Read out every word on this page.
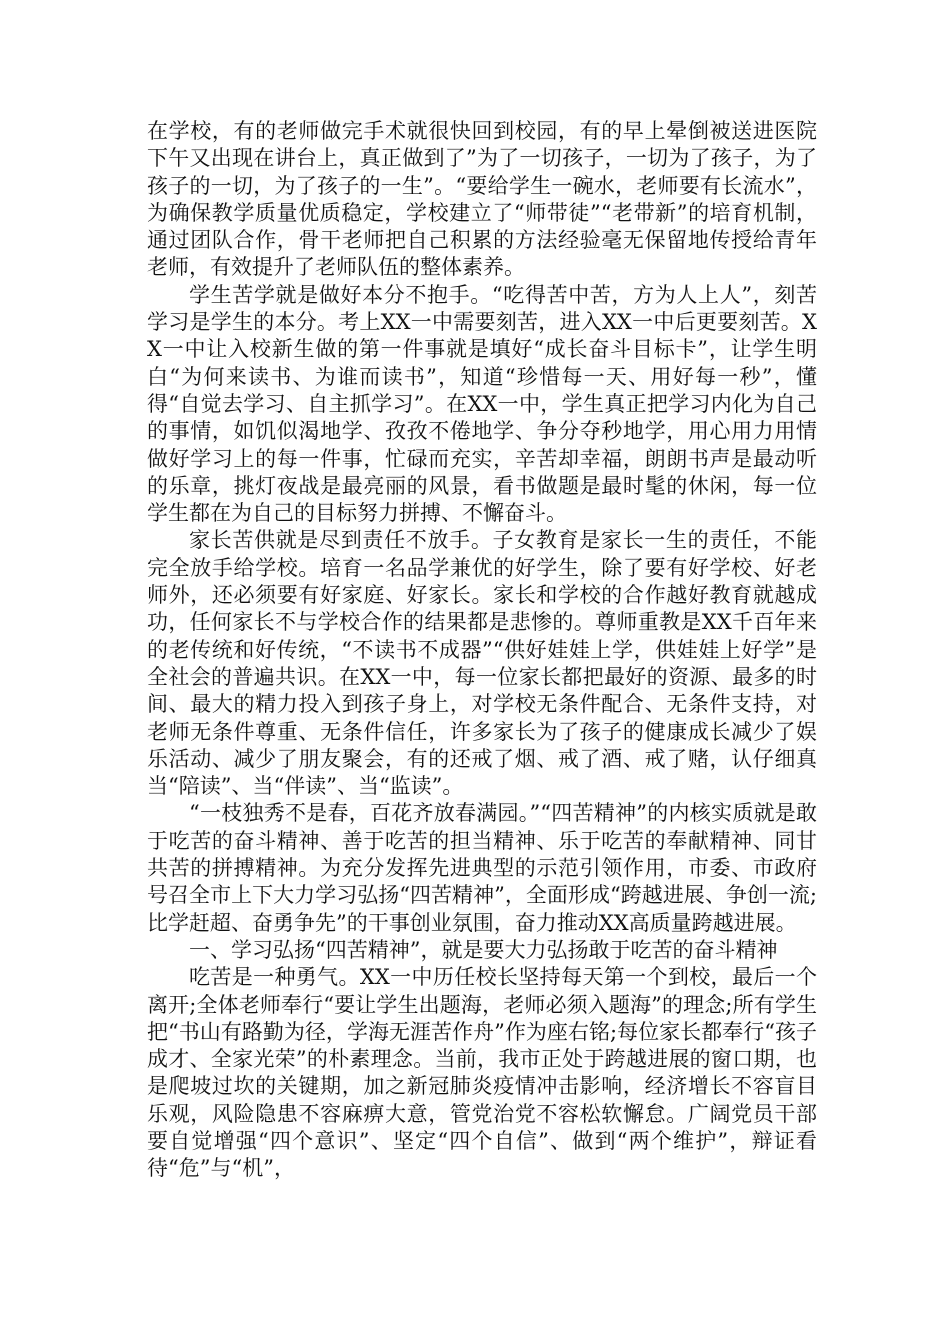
在学校，有的老师做完手术就很快回到校园，有的早上晕倒被送进医院下午又出现在讲台上，真正做到了”为了一切孩子，一切为了孩子，为了孩子的一切，为了孩子的一生”。“要给学生一碗水，老师要有长流水”，为确保教学质量优质稳定，学校建立了“师带徒”“老带新”的培育机制，通过团队合作，骨干老师把自己积累的方法经验毫无保留地传授给青年老师，有效提升了老师队伍的整体素养。

学生苦学就是做好本分不抱手。“吃得苦中苦，方为人上人”，刻苦学习是学生的本分。考上XX一中需要刻苦，进入XX一中后更要刻苦。XX一中让入校新生做的第一件事就是填好“成长奋斗目标卡”，让学生明白“为何来读书、为谁而读书”，知道“珍惜每一天、用好每一秒”，懂得“自觉去学习、自主抓学习”。在XX一中，学生真正把学习内化为自己的事情，如饥似渴地学、孜孜不倦地学、争分夺秒地学，用心用力用情做好学习上的每一件事，忙碌而充实，辛苦却幸福，朗朗书声是最动听的乐章，挑灯夜战是最亮丽的风景，看书做题是最时髦的休闲，每一位学生都在为自己的目标努力拼搏、不懈奋斗。

家长苦供就是尽到责任不放手。子女教育是家长一生的责任，不能完全放手给学校。培育一名品学兼优的好学生，除了要有好学校、好老师外，还必须要有好家庭、好家长。家长和学校的合作越好教育就越成功，任何家长不与学校合作的结果都是悲惨的。尊师重教是XX千百年来的老传统和好传统，“不读书不成器”“供好娃娃上学，供娃娃上好学”是全社会的普遍共识。在XX一中，每一位家长都把最好的资源、最多的时间、最大的精力投入到孩子身上，对学校无条件配合、无条件支持，对老师无条件尊重、无条件信任，许多家长为了孩子的健康成长减少了娱乐活动、减少了朋友聚会，有的还戒了烟、戒了酒、戒了赌，认仔细真当“陪读”、当“伴读”、当“监读”。

“一枝独秀不是春，百花齐放春满园。”“四苦精神”的内核实质就是敢于吃苦的奋斗精神、善于吃苦的担当精神、乐于吃苦的奉献精神、同甘共苦的拼搏精神。为充分发挥先进典型的示范引领作用，市委、市政府号召全市上下大力学习弘扬“四苦精神”，全面形成“跨越进展、争创一流;比学赶超、奋勇争先”的干事创业氛围，奋力推动XX高质量跨越进展。

一、学习弘扬“四苦精神”，就是要大力弘扬敢于吃苦的奋斗精神

吃苦是一种勇气。XX一中历任校长坚持每天第一个到校，最后一个离开;全体老师奉行“要让学生出题海，老师必须入题海”的理念;所有学生把“书山有路勤为径，学海无涯苦作舟”作为座右铭;每位家长都奉行“孩子成才、全家光荣”的朴素理念。当前，我市正处于跨越进展的窗口期，也是爬坡过坎的关键期，加之新冠肺炎疫情冲击影响，经济增长不容盲目乐观，风险隐患不容麻痹大意，管党治党不容松软懈怠。广阔党员干部要自觉增强“四个意识”、坚定“四个自信”、做到“两个维护”，辩证看待“危”与“机”，
